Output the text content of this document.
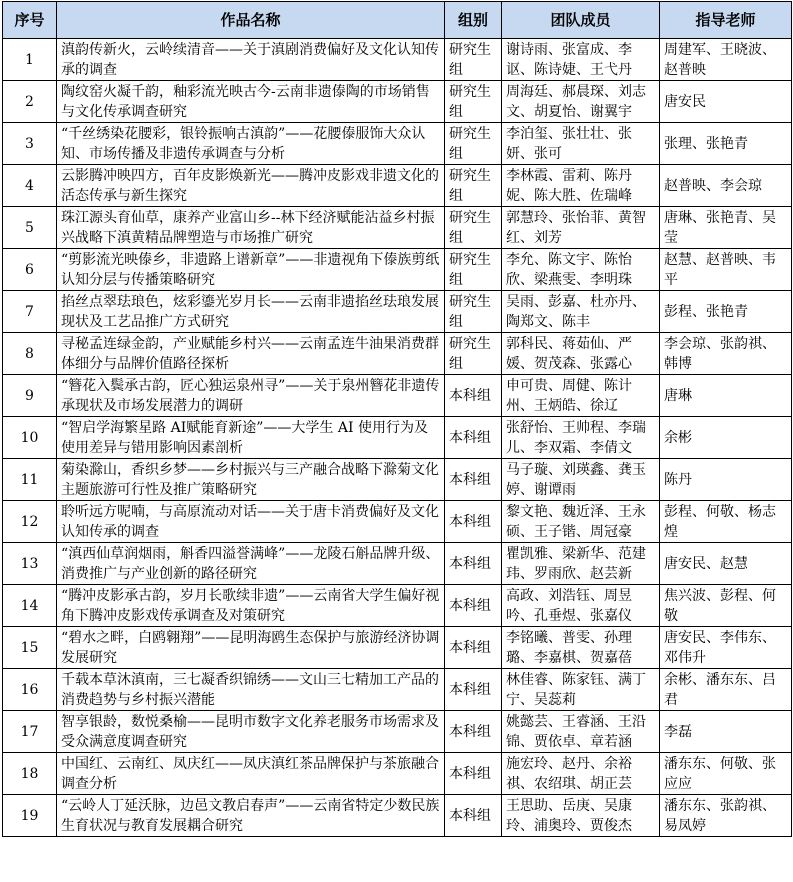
序号	作品名称	组别	团队成员	指导老师
1	滇韵传新火，云岭续清音——关于滇剧消费偏好及文化认知传承的调查	研究生组	谢诗雨、张富成、李讴、陈诗婕、王弋丹	周建军、王晓波、赵普映
2	陶纹窑火凝千韵，釉彩流光映古今-云南非遗傣陶的市场销售与文化传承调查研究	研究生组	周海廷、郝晨琛、刘志文、胡夏怡、谢翼宇	唐安民
3	“千丝绣染花腰彩，银铃振响古滇韵”——花腰傣服饰大众认知、市场传播及非遗传承调查与分析	研究生组	李泊玺、张壮壮、张妍、张可	张理、张艳青
4	云影腾冲映四方，百年皮影焕新光——腾冲皮影戏非遗文化的活态传承与新生探究	研究生组	李林霞、雷莉、陈丹妮、陈大胜、佐瑞峰	赵普映、李会琼
5	珠江源头育仙草，康养产业富山乡--林下经济赋能沾益乡村振兴战略下滇黄精品牌塑造与市场推广研究	研究生组	郭慧玲、张怡菲、黄智红、刘芳	唐琳、张艳青、吴莹
6	“剪影流光映傣乡，非遗路上谱新章”——非遗视角下傣族剪纸认知分层与传播策略研究	研究生组	李允、陈文宇、陈怡欣、梁燕雯、李明珠	赵慧、赵普映、韦平
7	掐丝点翠珐琅色，炫彩鎏光岁月长——云南非遗掐丝珐琅发展现状及工艺品推广方式研究	研究生组	吴雨、彭嘉、杜亦丹、陶郑文、陈丰	彭程、张艳青
8	寻秘孟连绿金韵，产业赋能乡村兴——云南孟连牛油果消费群体细分与品牌价值路径探析	研究生组	郭科民、蒋茹仙、严媛、贺茂森、张露心	李会琼、张韵祺、韩博
9	“簪花入鬓承古韵，匠心独运泉州寻”——关于泉州簪花非遗传承现状及市场发展潜力的调研	本科组	申可贵、周健、陈计州、王炳皓、徐辽	唐琳
10	“智启学海繁星路 AI赋能育新途”——大学生 AI 使用行为及使用差异与错用影响因素剖析	本科组	张舒怡、王帅程、李瑞儿、李双霜、李倩文	余彬
11	菊染滁山，香织乡梦——乡村振兴与三产融合战略下滁菊文化主题旅游可行性及推广策略研究	本科组	马子璇、刘瑛鑫、龚玉婷、谢谭雨	陈丹
12	聆听远方呢喃，与高原流动对话——关于唐卡消费偏好及文化认知传承的调查	本科组	黎文艳、魏近泽、王永硕、王子锴、周冠豪	彭程、何敬、杨志煌
13	“滇西仙草润烟雨，斛香四溢誉满峰”——龙陵石斛品牌升级、消费推广与产业创新的路径研究	本科组	瞿凯雅、梁新华、范建玮、罗雨欣、赵芸新	唐安民、赵慧
14	“腾冲皮影承古韵，岁月长歌续非遗”——云南省大学生偏好视角下腾冲皮影戏传承调查及对策研究	本科组	高政、刘浩钰、周昱吟、孔垂煜、张嘉仪	焦兴波、彭程、何敬
15	“碧水之畔，白鸥翱翔”——昆明海鸥生态保护与旅游经济协调发展研究	本科组	李铭曦、普雯、孙理璐、李嘉棋、贺嘉蓓	唐安民、李伟东、邓伟升
16	千载本草沐滇南，三七凝香织锦绣——文山三七精加工产品的消费趋势与乡村振兴潜能	本科组	林佳睿、陈家钰、满丁宁、吴蕊莉	余彬、潘东东、吕君
17	智享银龄，数悦桑榆——昆明市数字文化养老服务市场需求及受众满意度调查研究	本科组	姚懿芸、王睿涵、王沿锦、贾依卓、章若涵	李磊
18	中国红、云南红、凤庆红——凤庆滇红茶品牌保护与茶旅融合调查分析	本科组	施宏玲、赵丹、余裕祺、农绍琪、胡正芸	潘东东、何敬、张应应
19	“云岭人丁延沃脉，边邑文教启春声”——云南省特定少数民族生育状况与教育发展耦合研究	本科组	王思助、岳庚、吴康玲、浦奥玲、贾俊杰	潘东东、张韵祺、易凤婷
